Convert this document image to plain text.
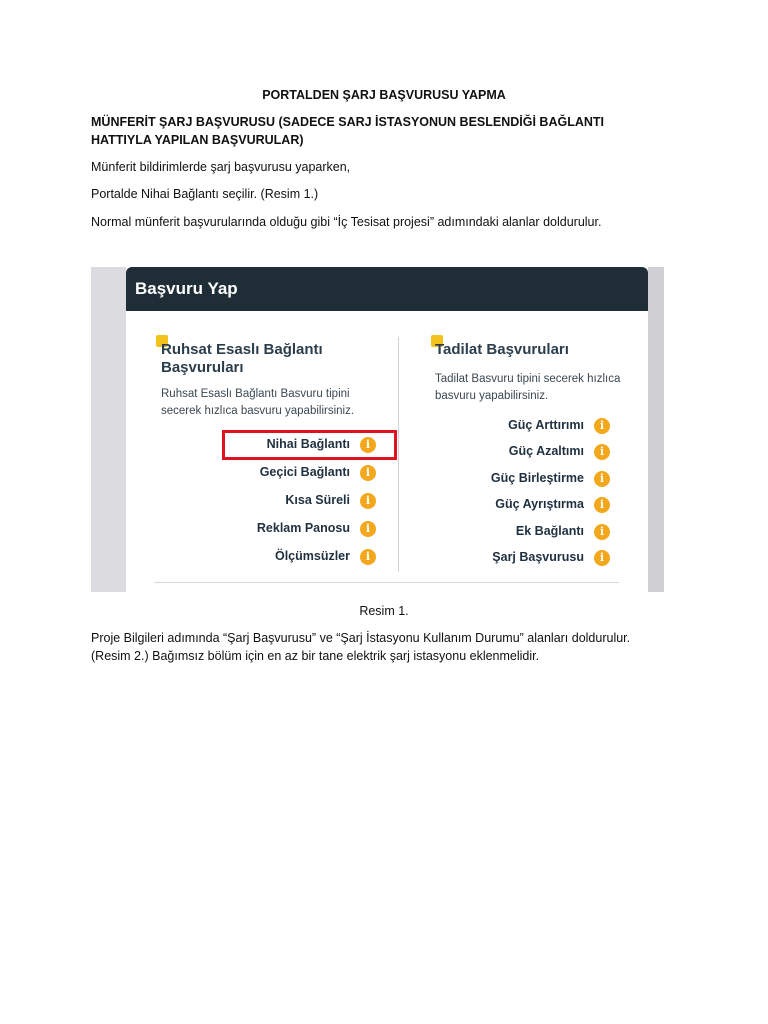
PORTALDEN ŞARJ BAŞVURUSU YAPMA

MÜNFERİT ŞARJ BAŞVURUSU (SADECE SARJ İSTASYONUN BESLENDİĞİ BAĞLANTI HATTIYLA YAPILAN BAŞVURULAR)

Münferit bildirimlerde şarj başvurusu yaparken,

Portalde Nihai Bağlantı seçilir. (Resim 1.)

Normal münferit başvurularında olduğu gibi “İç Tesisat projesi” adımındaki alanlar doldurulur.

Başvuru Yap
Ruhsat Esaslı Bağlantı Başvuruları
Ruhsat Esaslı Bağlantı Basvuru tipini secerek hızlıca basvuru yapabilirsiniz.
Nihai Bağlantı	i
Geçici Bağlantı	i
Kısa Süreli	i
Reklam Panosu	i
Ölçümsüzler	i
Tadilat Başvuruları
Tadilat Basvuru tipini secerek hızlıca basvuru yapabilirsiniz.
Güç Arttırımı	i
Güç Azaltımı	i
Güç Birleştirme	i
Güç Ayrıştırma	i
Ek Bağlantı	i
Şarj Başvurusu	i

Resim 1.

Proje Bilgileri adımında “Şarj Başvurusu” ve “Şarj İstasyonu Kullanım Durumu” alanları doldurulur. (Resim 2.) Bağımsız bölüm için en az bir tane elektrik şarj istasyonu eklenmelidir.
